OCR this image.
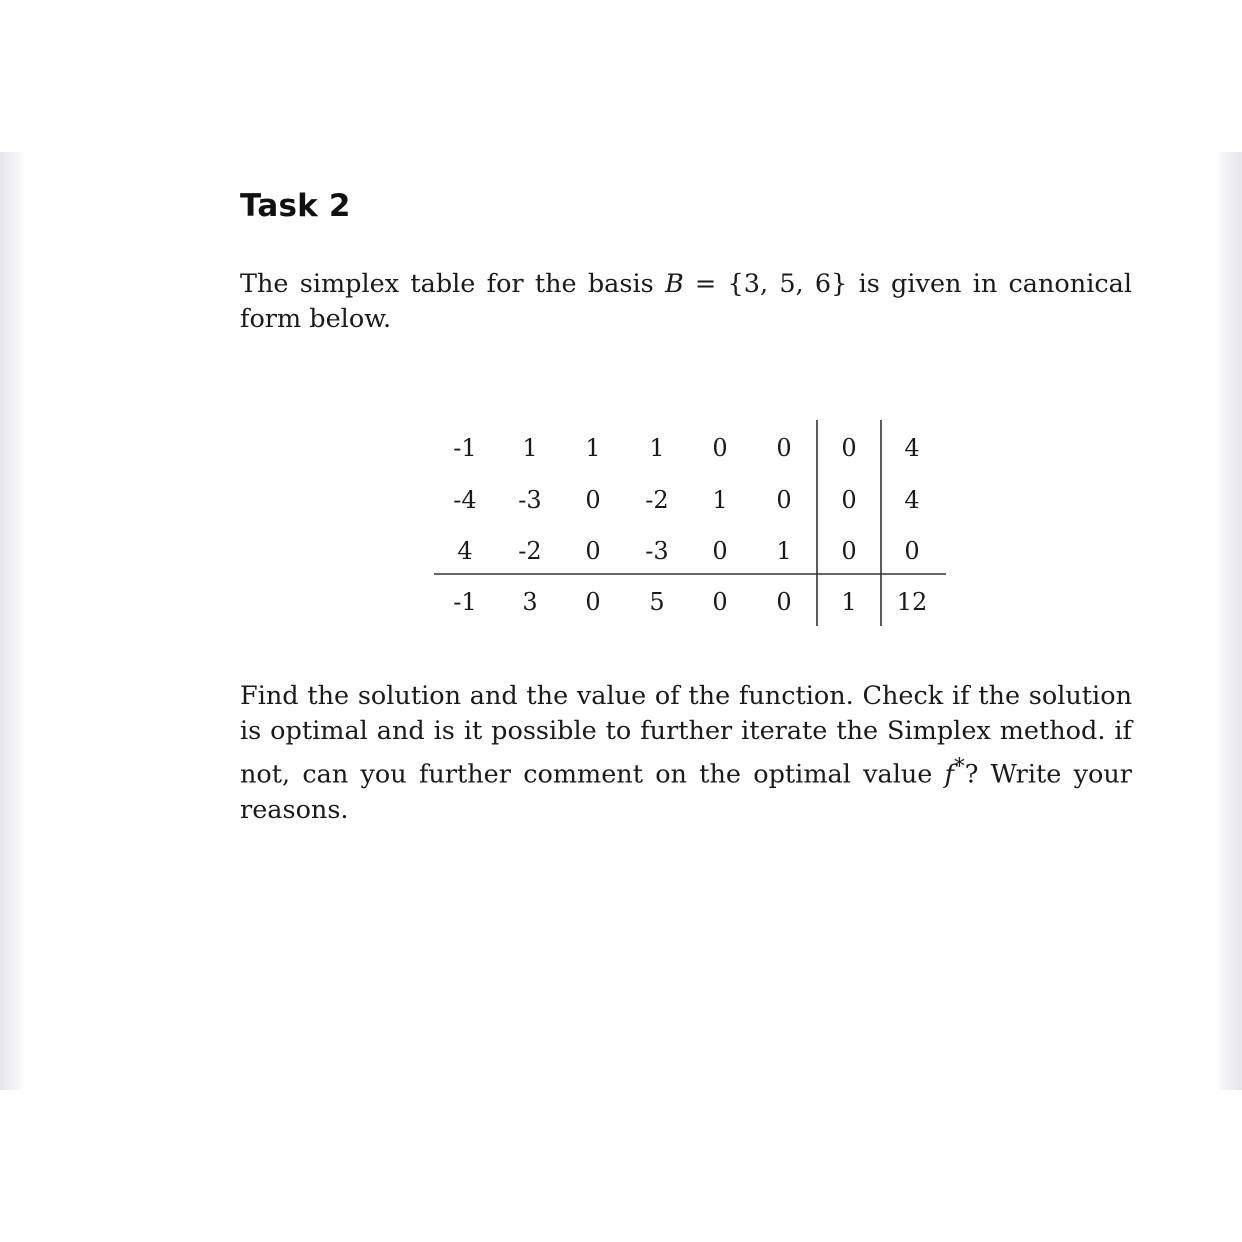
Task 2
The simplex table for the basis B = {3, 5, 6} is given in canonical form below.
-1 1 1 1 0 0 0 4
-4 -3 0 -2 1 0 0 4
4 -2 0 -3 0 1 0 0
-1 3 0 5 0 0 1 12
Find the solution and the value of the function. Check if the solution is optimal and is it possible to further iterate the Simplex method. if not, can you further comment on the optimal value f*? Write your reasons.
